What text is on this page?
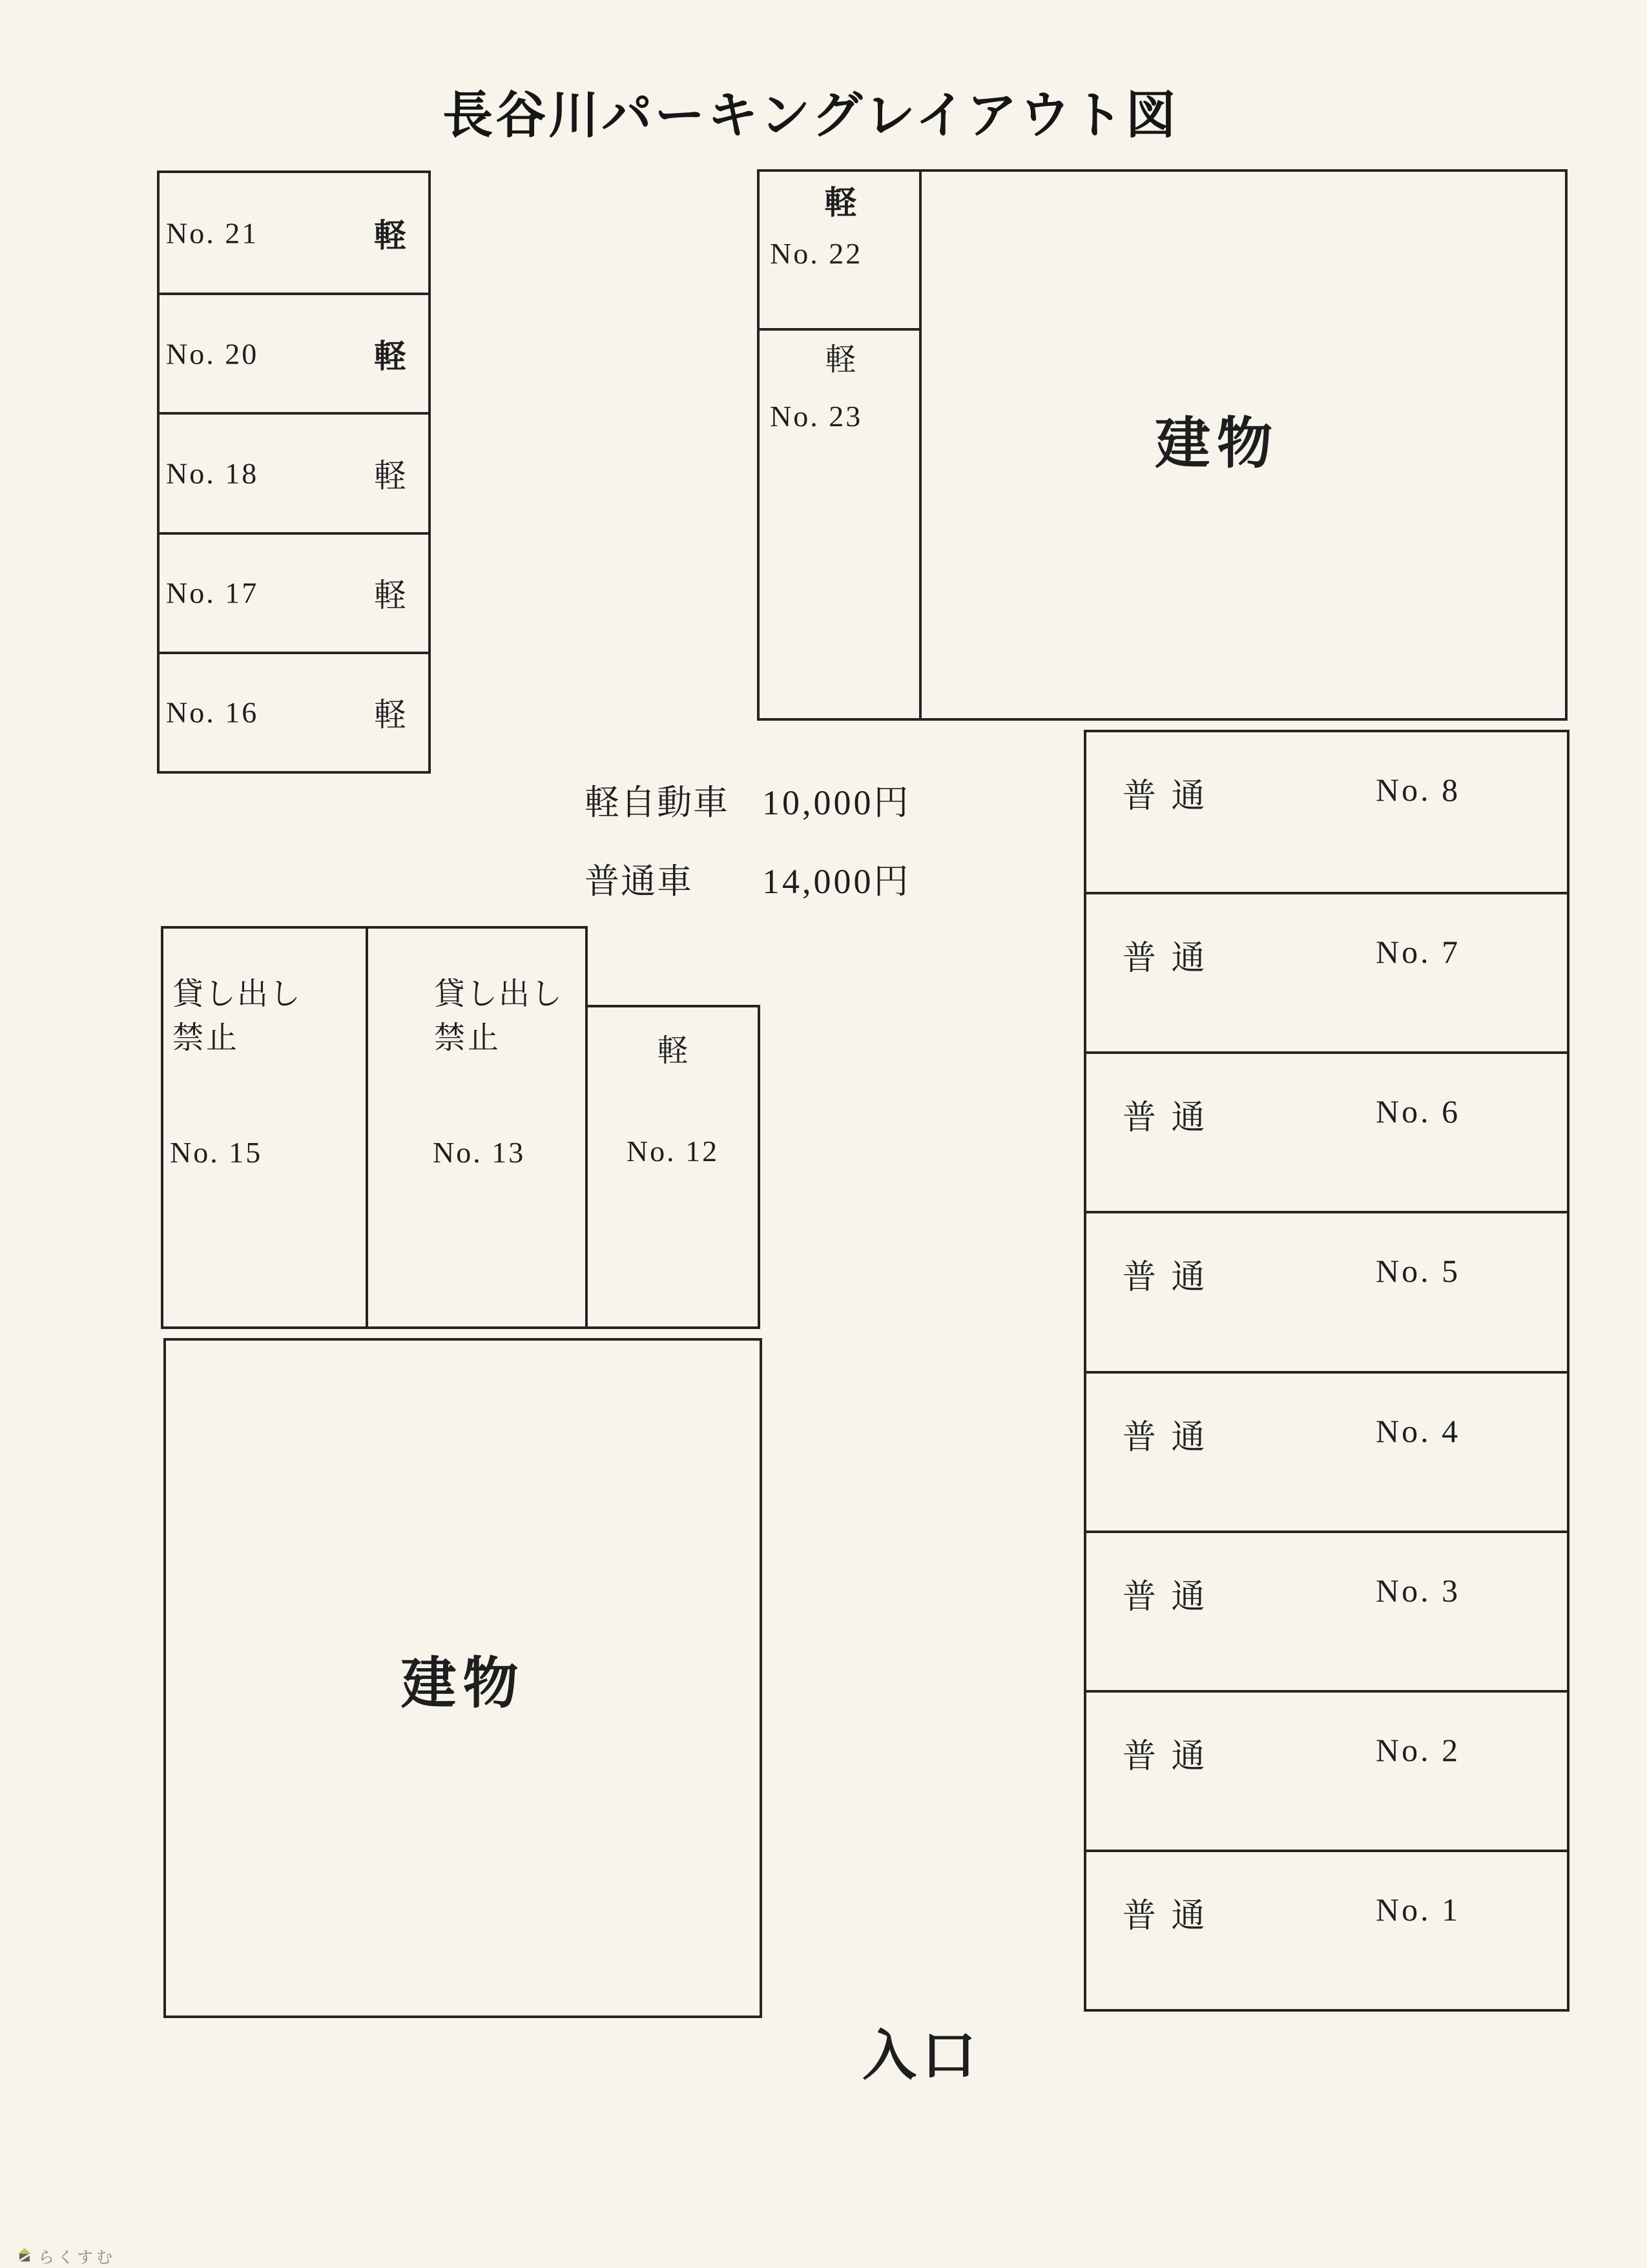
長谷川パーキングレイアウト図
No. 21	軽
No. 20	軽
No. 18	軽
No. 17	軽
No. 16	軽
軽
No. 22
軽
No. 23	建物
軽自動車 10,000円
普通車 14,000円
普通	No. 8
普通	No. 7
普通	No. 6
普通	No. 5
普通	No. 4
普通	No. 3
普通	No. 2
普通	No. 1
貸し出し
禁止
No. 15
貸し出し
禁止
No. 13
軽
No. 12
建物
入口
らくすむ
